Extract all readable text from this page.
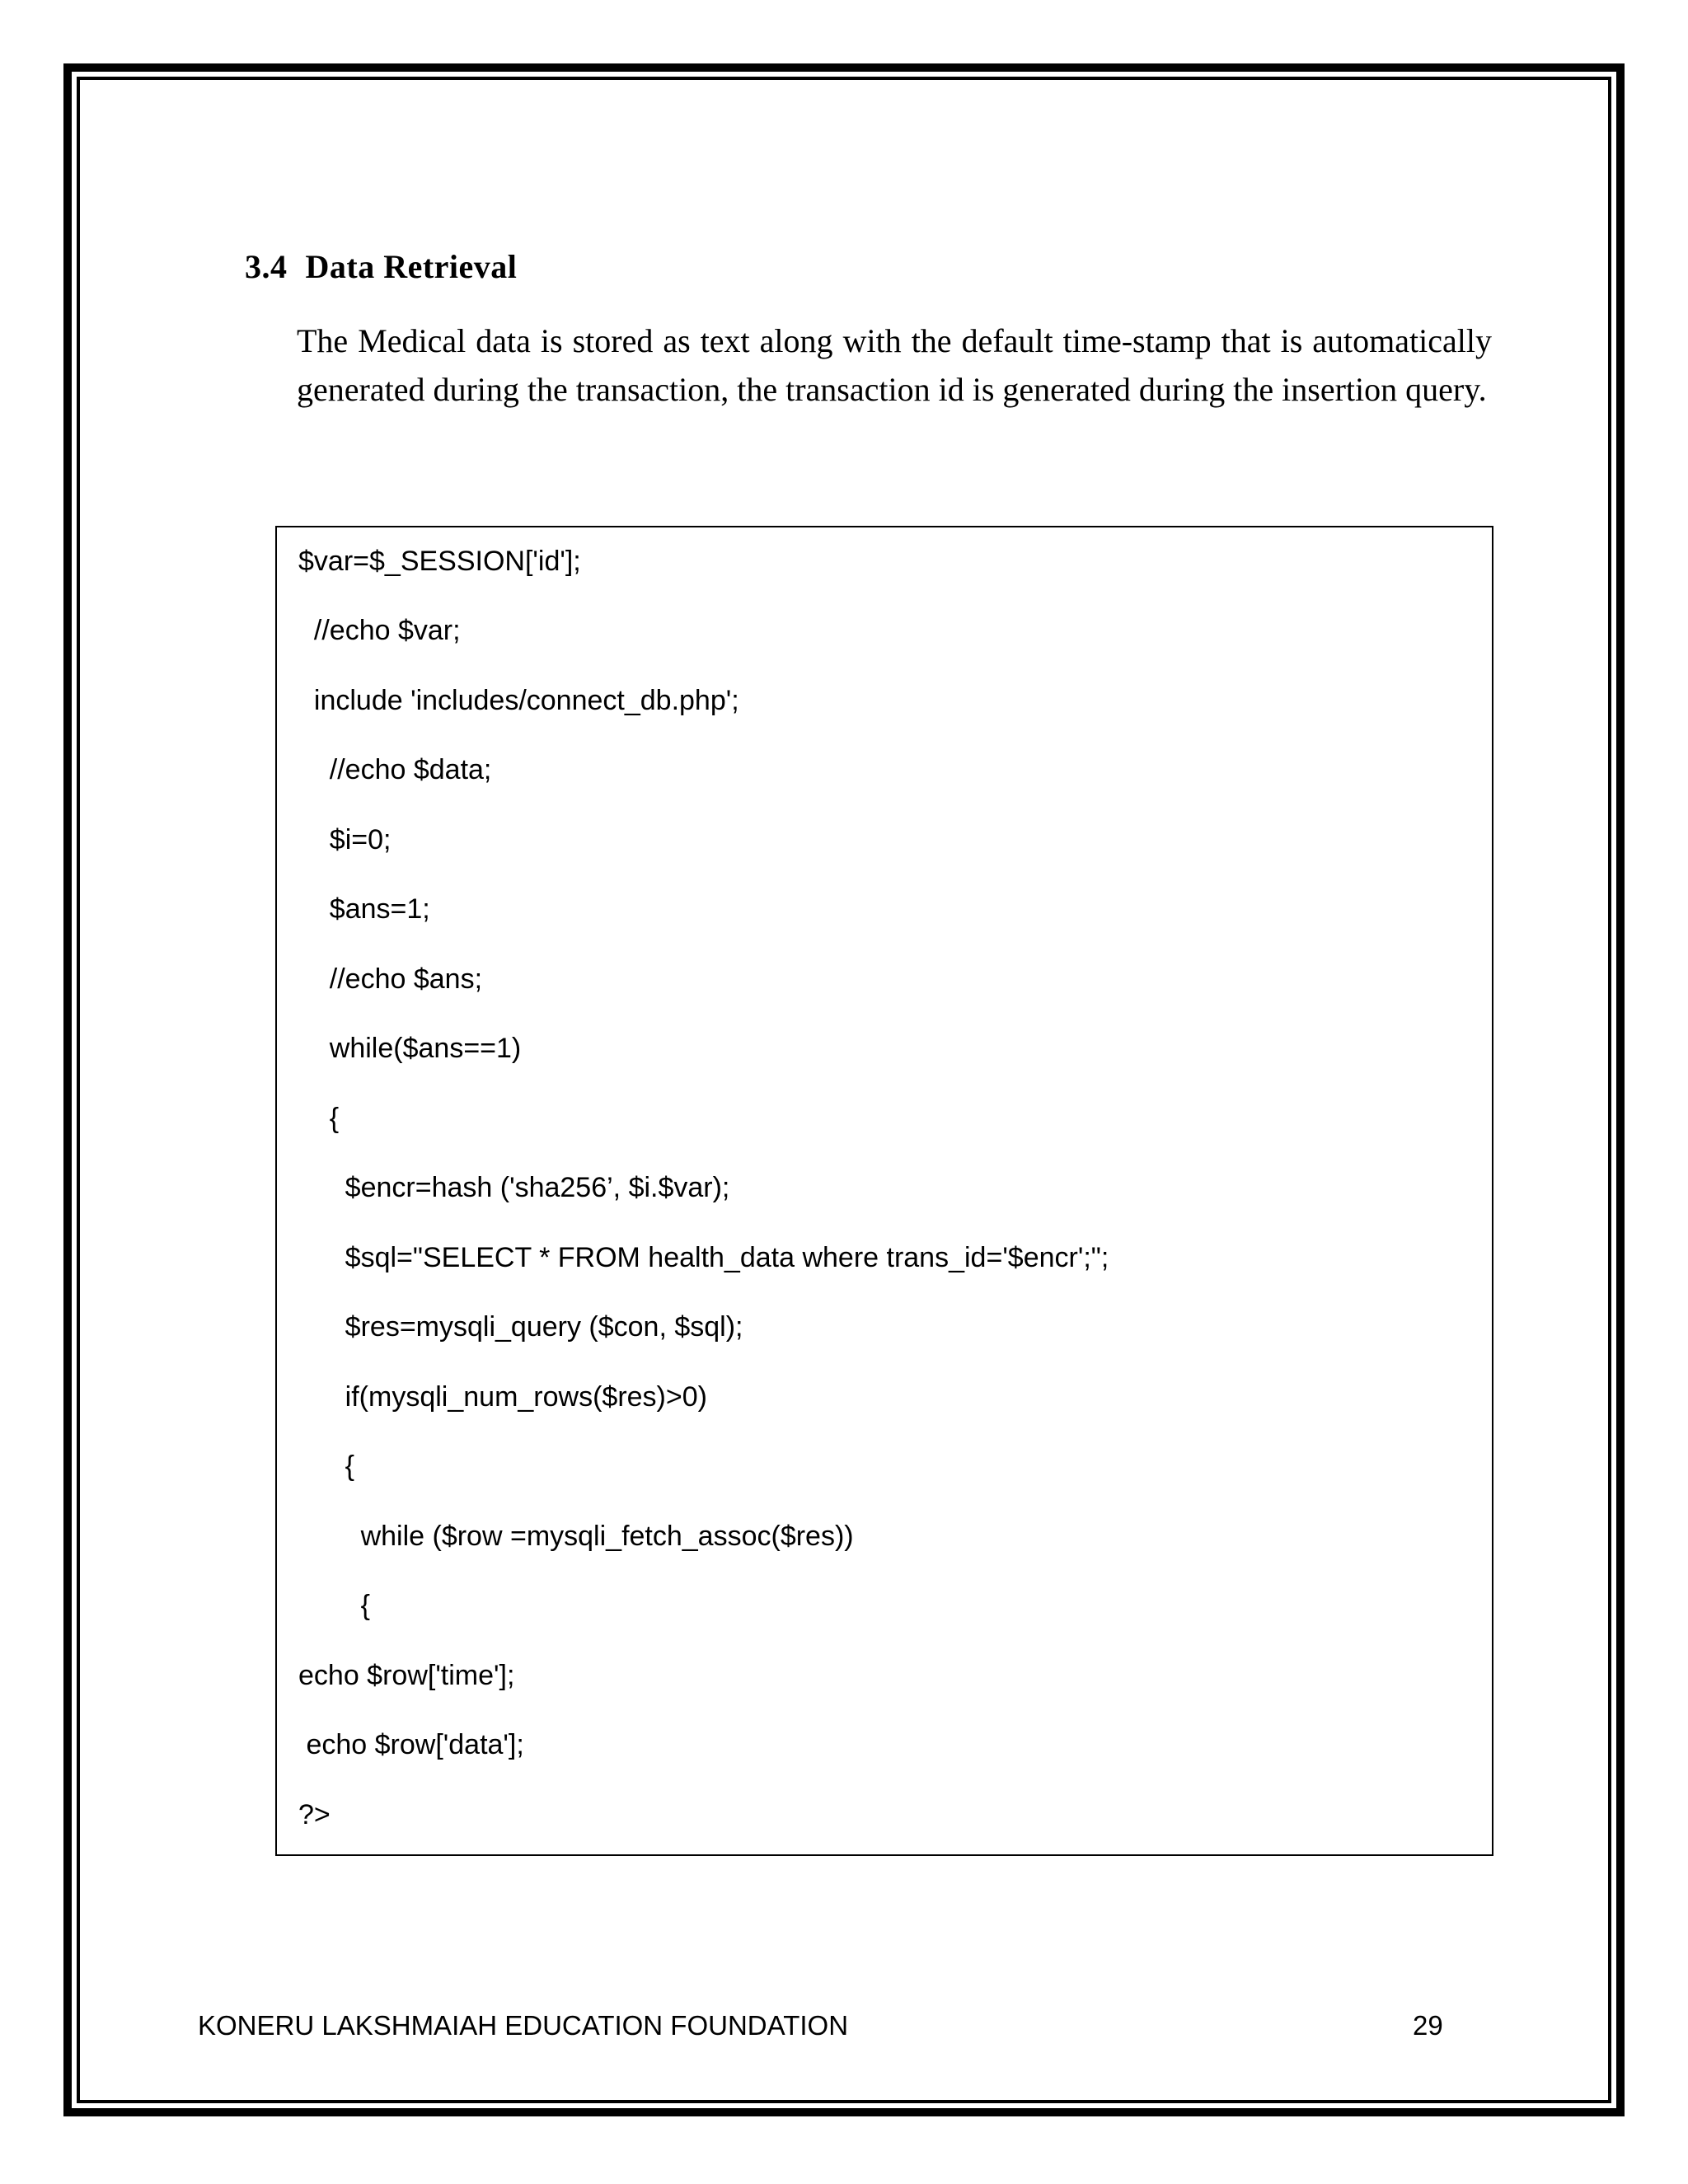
3.4 Data Retrieval
The Medical data is stored as text along with the default time-stamp that is automatically generated during the transaction, the transaction id is generated during the insertion query.
$var=$_SESSION['id'];
//echo $var;
include 'includes/connect_db.php';
//echo $data;
$i=0;
$ans=1;
//echo $ans;
while($ans==1)
{
$encr=hash ('sha256’, $i.$var);
$sql="SELECT * FROM health_data where trans_id='$encr';";
$res=mysqli_query ($con, $sql);
if(mysqli_num_rows($res)>0)
{
while ($row =mysqli_fetch_assoc($res))
{
echo $row['time'];
echo $row['data'];
?>
KONERU LAKSHMAIAH EDUCATION FOUNDATION	29
